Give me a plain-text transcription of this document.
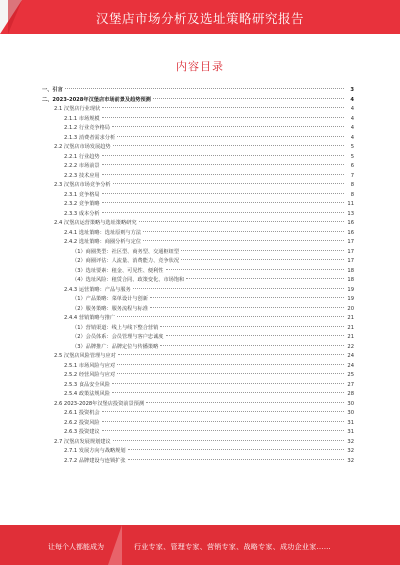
汉堡店市场分析及选址策略研究报告
内容目录
一、引言	3
二、2023-2028年汉堡店市场前景及趋势预测	4
2.1 汉堡店行业现状	4
2.1.1 市场规模	4
2.1.2 行业竞争格局	4
2.1.3 消费者需求分析	4
2.2 汉堡店市场发展趋势	5
2.2.1 行业趋势	5
2.2.2 市场前景	6
2.2.3 技术应用	7
2.3 汉堡店市场竞争分析	8
2.3.1 竞争格局	8
2.3.2 竞争策略	11
2.3.3 成本分析	13
2.4 汉堡店运营策略与选址策略研究	16
2.4.1 选址策略：选址原则与方法	16
2.4.2 选址策略：商圈分析与定位	17
（1）商圈类型：社区型、商务型、交通枢纽型	17
（2）商圈评估：人流量、消费能力、竞争状况	17
（3）选址要素：租金、可见性、便利性	18
（4）选址风险：租赁合同、政策变化、市场饱和	18
2.4.3 运营策略：产品与服务	19
（1）产品策略：菜单设计与创新	19
（2）服务策略：服务流程与标准	20
2.4.4 营销策略与推广	21
（1）营销渠道：线上与线下整合营销	21
（2）会员体系：会员管理与客户忠诚度	21
（3）品牌推广：品牌定位与传播策略	22
2.5 汉堡店风险管理与应对	24
2.5.1 市场风险与应对	24
2.5.2 经营风险与应对	25
2.5.3 食品安全风险	27
2.5.4 政策法规风险	28
2.6 2023-2028年汉堡店投资前景预测	30
2.6.1 投资机会	30
2.6.2 投资风险	31
2.6.3 投资建议	31
2.7 汉堡店发展规划建议	32
2.7.1 发展方向与战略规划	32
2.7.2 品牌建设与连锁扩张	32
让每个人都能成为	行业专家、管理专家、营销专家、战略专家、成功企业家……
